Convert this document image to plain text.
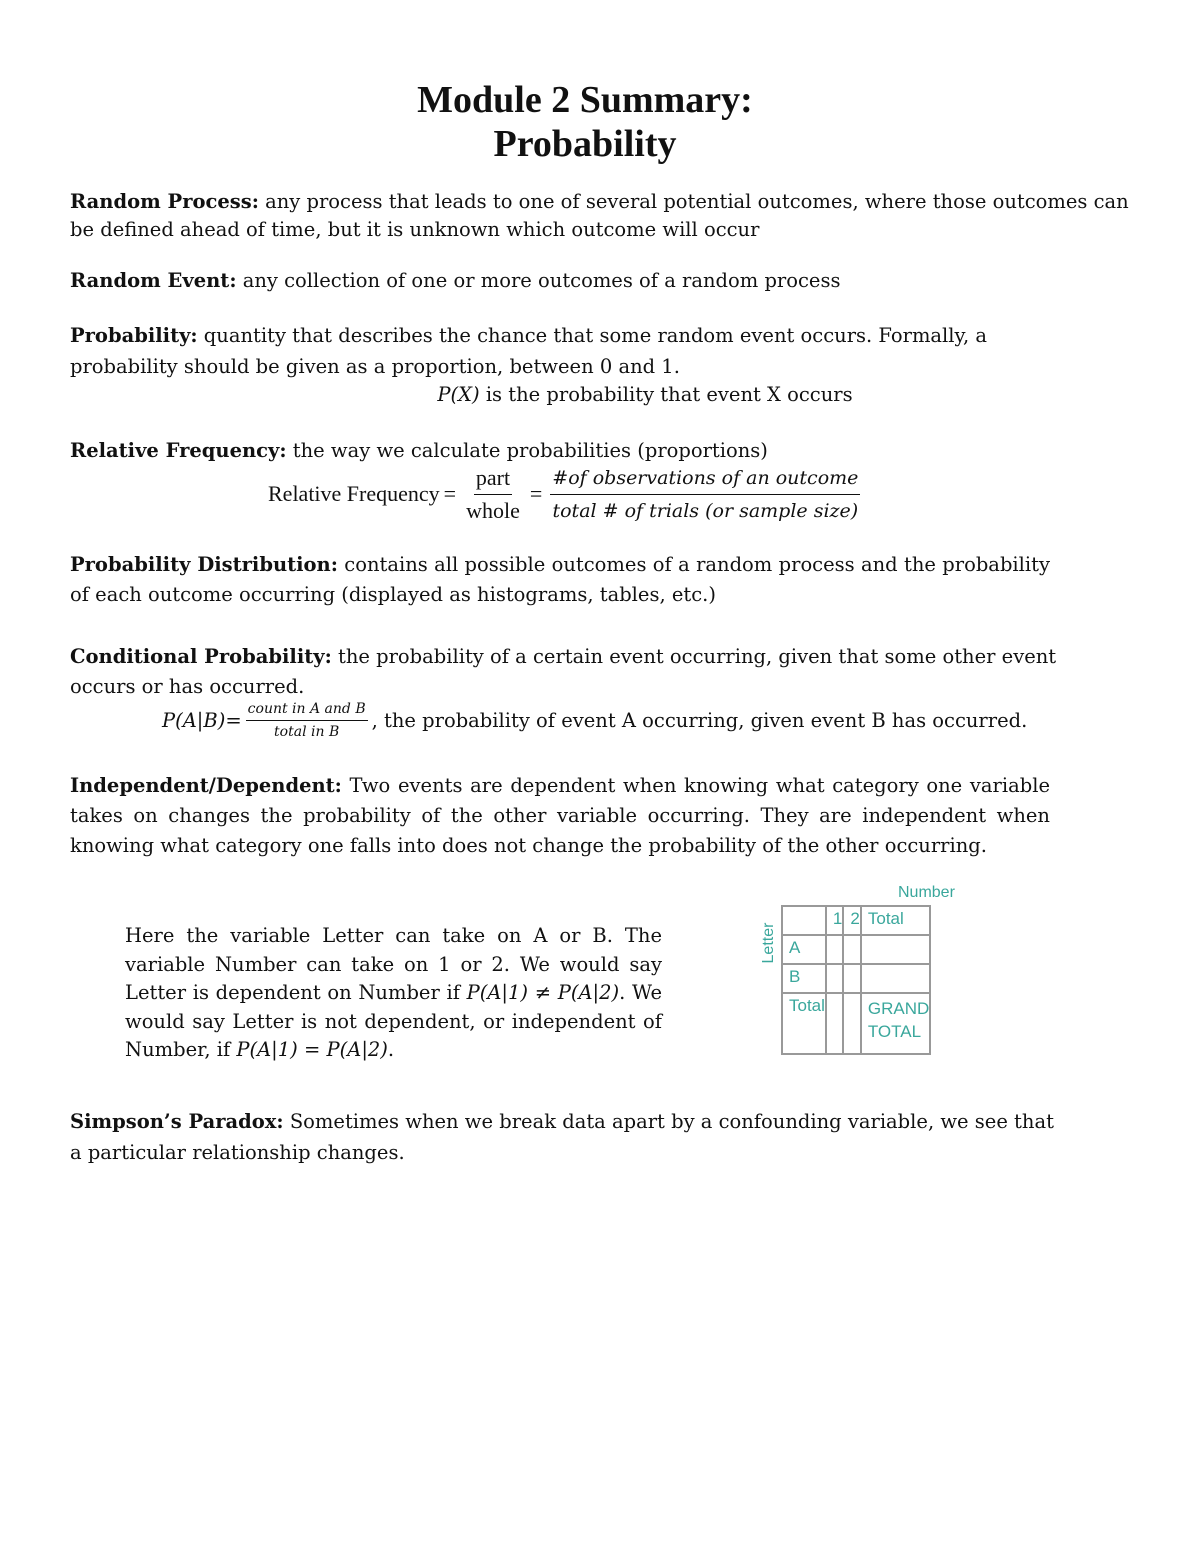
Module 2 Summary:
Probability
Random Process: any process that leads to one of several potential outcomes, where those outcomes can be defined ahead of time, but it is unknown which outcome will occur
Random Event: any collection of one or more outcomes of a random process
Probability: quantity that describes the chance that some random event occurs. Formally, a probability should be given as a proportion, between 0 and 1.
P(X) is the probability that event X occurs
Relative Frequency: the way we calculate probabilities (proportions)
Relative Frequency = $\frac{\text{part}}{\text{whole}} = \frac{\text{\#of observations of an outcome}}{\text{total \# of trials (or sample size)}}$
Probability Distribution: contains all possible outcomes of a random process and the probability of each outcome occurring (displayed as histograms, tables, etc.)
Conditional Probability: the probability of a certain event occurring, given that some other event occurs or has occurred.
$P(A|B)= \frac{\text{count in A and B}}{\text{total in B}}$ , the probability of event A occurring, given event B has occurred.
Independent/Dependent: Two events are dependent when knowing what category one variable takes on changes the probability of the other variable occurring. They are independent when knowing what category one falls into does not change the probability of the other occurring.
Here the variable Letter can take on A or B. The variable Number can take on 1 or 2. We would say Letter is dependent on Number if P(A|1) ≠ P(A|2). We would say Letter is not dependent, or independent of Number, if P(A|1) = P(A|2).
Number
Letter
	1	2	Total
A			
B			
Total			GRAND TOTAL
Simpson’s Paradox: Sometimes when we break data apart by a confounding variable, we see that a particular relationship changes.
